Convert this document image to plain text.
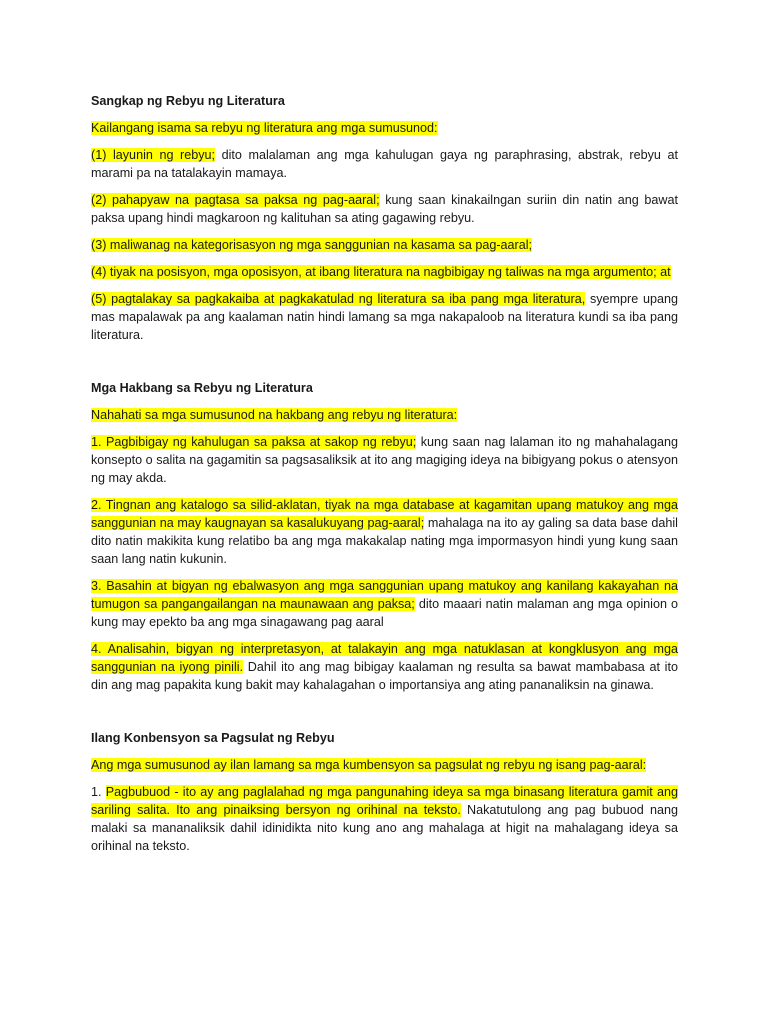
Sangkap ng Rebyu ng Literatura

Kailangang isama sa rebyu ng literatura ang mga sumusunod:

(1) layunin ng rebyu; dito malalaman ang mga kahulugan gaya ng paraphrasing, abstrak, rebyu at marami pa na tatalakayin mamaya.

(2) pahapyaw na pagtasa sa paksa ng pag-aaral; kung saan kinakailngan suriin din natin ang bawat paksa upang hindi magkaroon ng kalituhan sa ating gagawing rebyu.

(3) maliwanag na kategorisasyon ng mga sanggunian na kasama sa pag-aaral;

(4) tiyak na posisyon, mga oposisyon, at ibang literatura na nagbibigay ng taliwas na mga argumento; at

(5) pagtalakay sa pagkakaiba at pagkakatulad ng literatura sa iba pang mga literatura, syempre upang mas mapalawak pa ang kaalaman natin hindi lamang sa mga nakapaloob na literatura kundi sa iba pang literatura.

Mga Hakbang sa Rebyu ng Literatura

Nahahati sa mga sumusunod na hakbang ang rebyu ng literatura:

1. Pagbibigay ng kahulugan sa paksa at sakop ng rebyu; kung saan nag lalaman ito ng mahahalagang konsepto o salita na gagamitin sa pagsasaliksik at ito ang magiging ideya na bibigyang pokus o atensyon ng may akda.

2. Tingnan ang katalogo sa silid-aklatan, tiyak na mga database at kagamitan upang matukoy ang mga sanggunian na may kaugnayan sa kasalukuyang pag-aaral; mahalaga na ito ay galing sa data base dahil dito natin makikita kung relatibo ba ang mga makakalap nating mga impormasyon hindi yung kung saan saan lang natin kukunin.

3. Basahin at bigyan ng ebalwasyon ang mga sanggunian upang matukoy ang kanilang kakayahan na tumugon sa pangangailangan na maunawaan ang paksa; dito maaari natin malaman ang mga opinion o kung may epekto ba ang mga sinagawang pag aaral

4. Analisahin, bigyan ng interpretasyon, at talakayin ang mga natuklasan at kongklusyon ang mga sanggunian na iyong pinili. Dahil ito ang mag bibigay kaalaman ng resulta sa bawat mambabasa at ito din ang mag papakita kung bakit may kahalagahan o importansiya ang ating pananaliksin na ginawa.

Ilang Konbensyon sa Pagsulat ng Rebyu

Ang mga sumusunod ay ilan lamang sa mga kumbensyon sa pagsulat ng rebyu ng isang pag-aaral:

1. Pagbubuod - ito ay ang paglalahad ng mga pangunahing ideya sa mga binasang literatura gamit ang sariling salita. Ito ang pinaiksing bersyon ng orihinal na teksto. Nakatutulong ang pag bubuod nang malaki sa mananaliksik dahil idinidikta nito kung ano ang mahalaga at higit na mahalagang ideya sa orihinal na teksto.
